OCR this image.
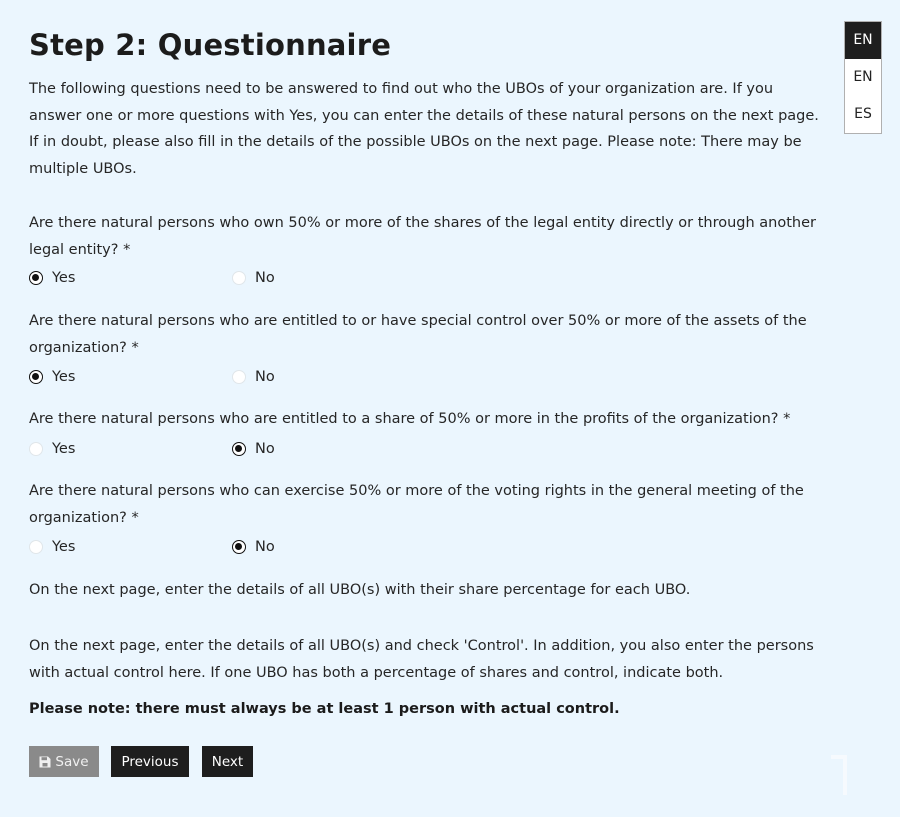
Step 2: Questionnaire

The following questions need to be answered to find out who the UBOs of your organization are. If you answer one or more questions with Yes, you can enter the details of these natural persons on the next page. If in doubt, please also fill in the details of the possible UBOs on the next page. Please note: There may be multiple UBOs.

Are there natural persons who own 50% or more of the shares of the legal entity directly or through another legal entity? *

Yes	No

Are there natural persons who are entitled to or have special control over 50% or more of the assets of the organization? *

Yes	No

Are there natural persons who are entitled to a share of 50% or more in the profits of the organization? *

Yes	No

Are there natural persons who can exercise 50% or more of the voting rights in the general meeting of the organization? *

Yes	No

On the next page, enter the details of all UBO(s) with their share percentage for each UBO.

On the next page, enter the details of all UBO(s) and check 'Control'. In addition, you also enter the persons with actual control here. If one UBO has both a percentage of shares and control, indicate both.

Please note: there must always be at least 1 person with actual control.

Save	Previous	Next
EN
EN
ES
